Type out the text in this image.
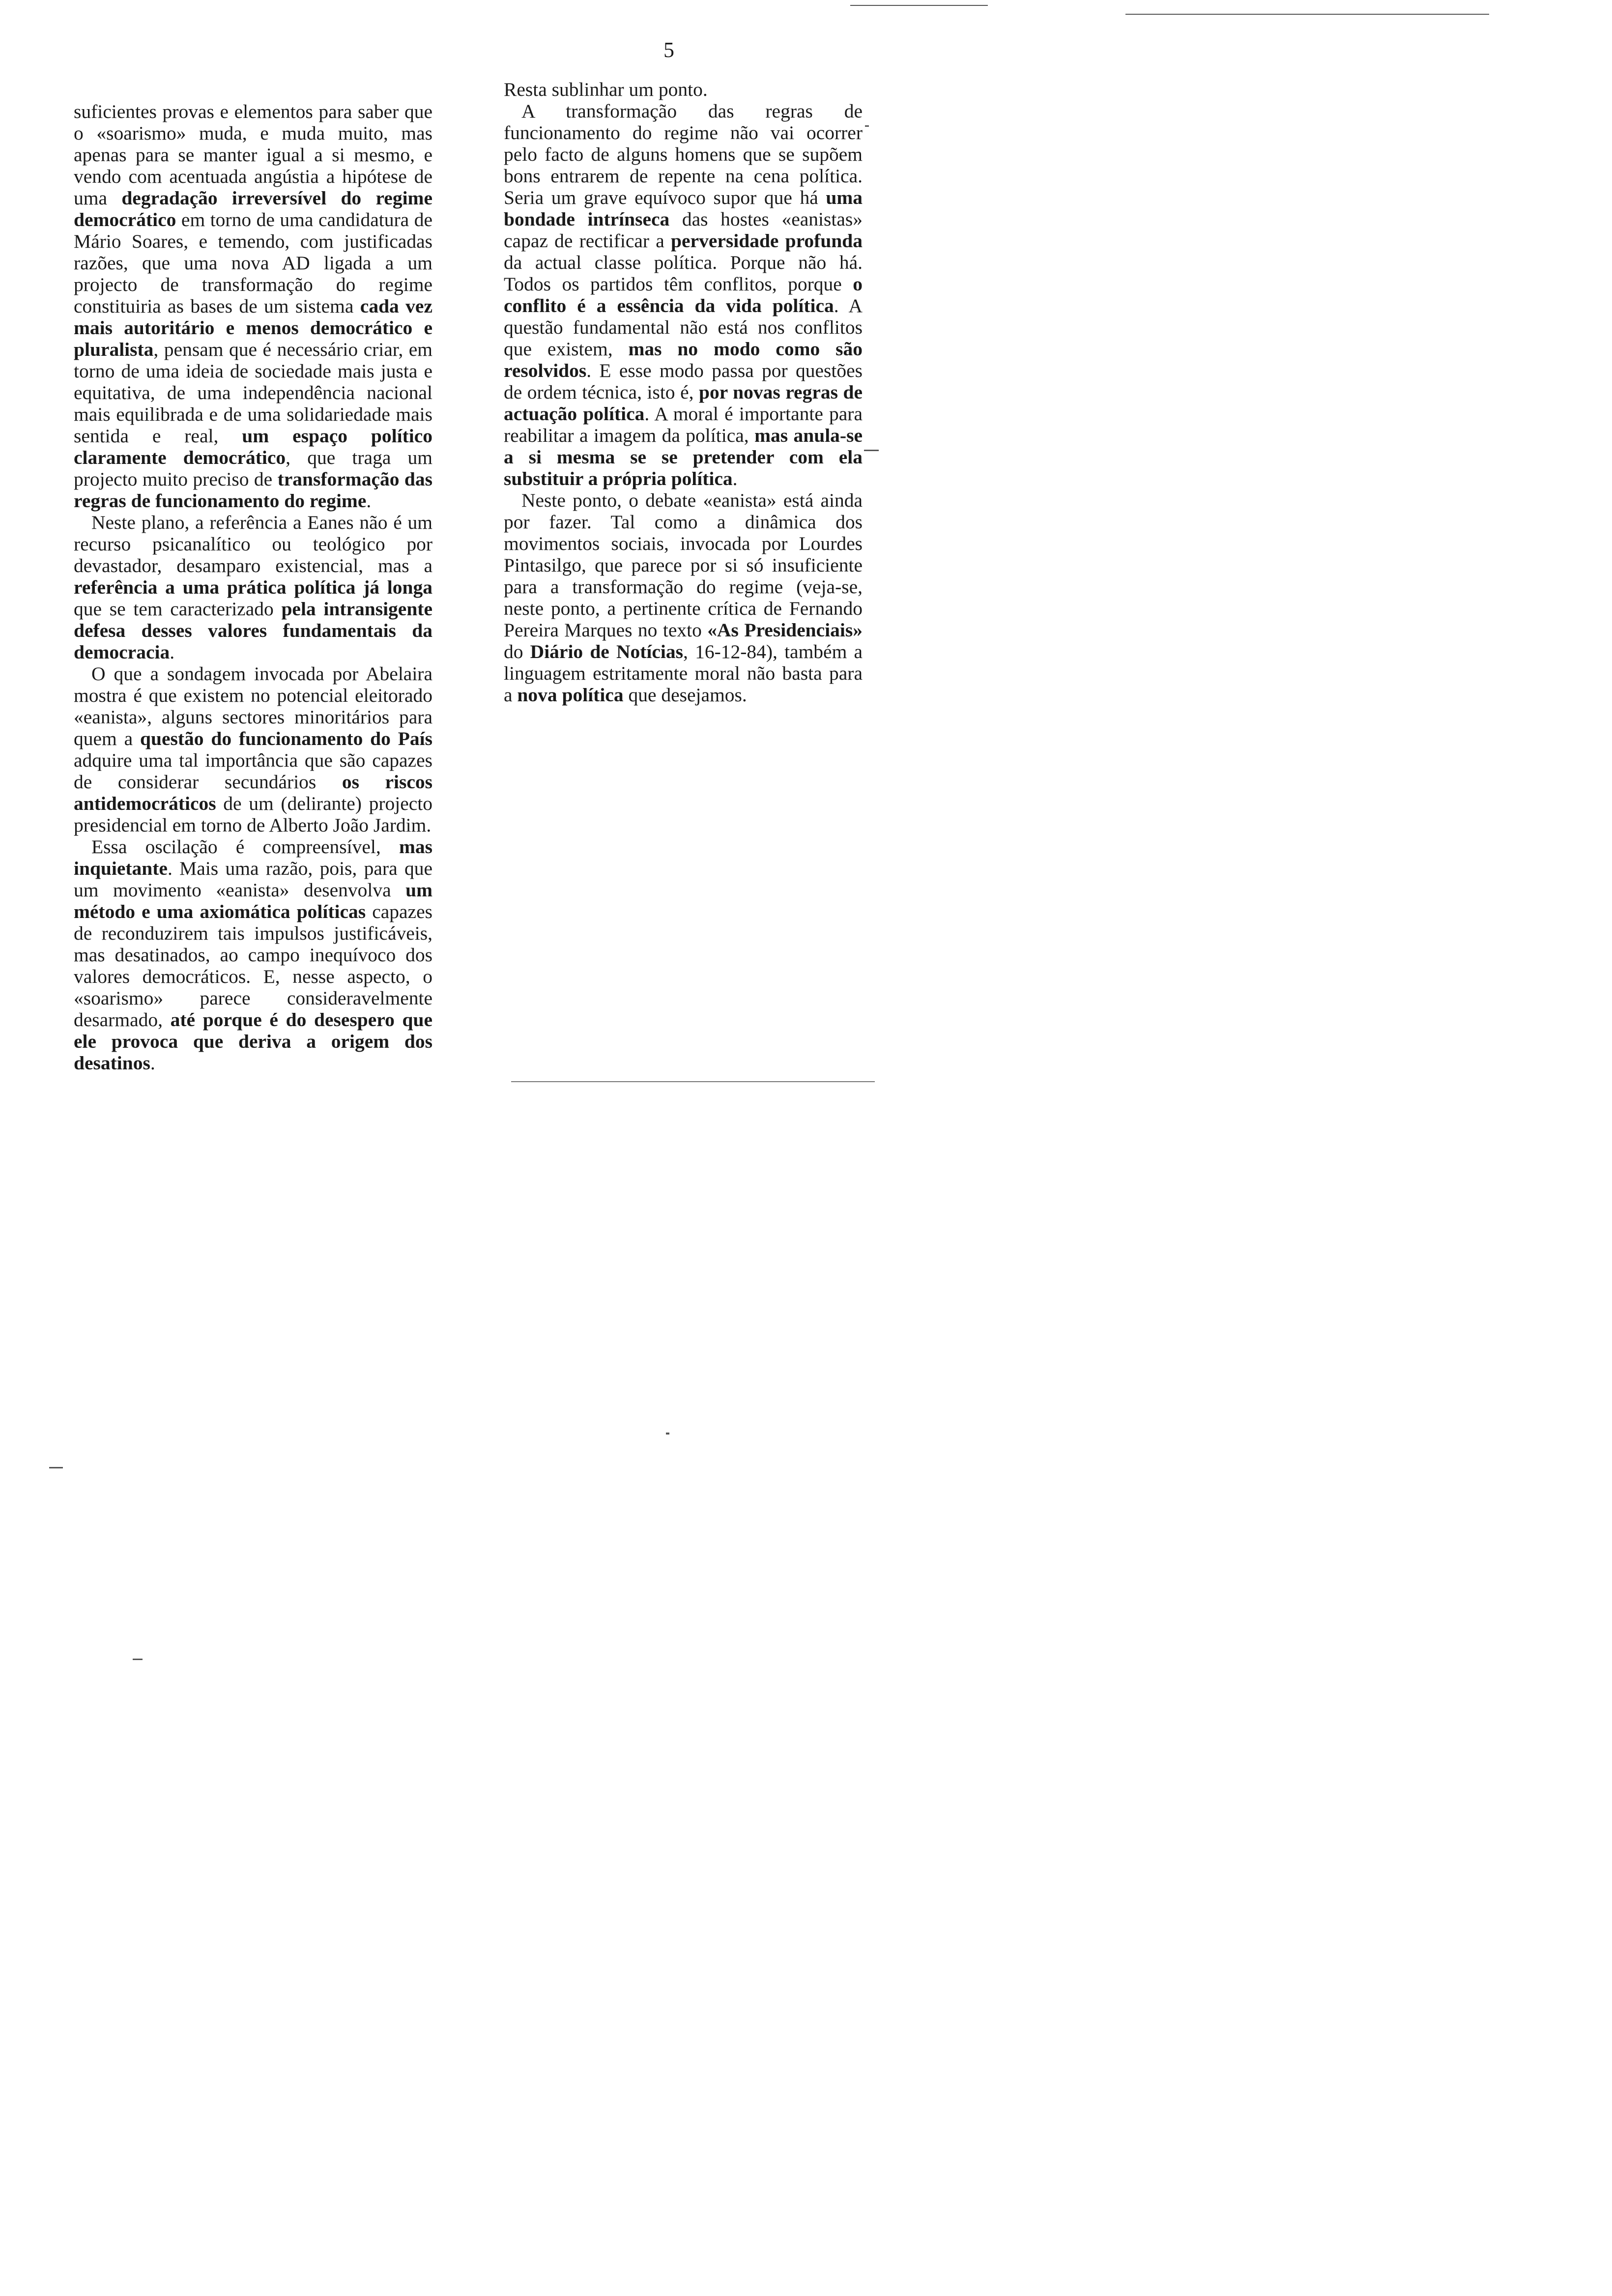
5

suficientes provas e elementos para saber que o «soarismo» muda, e muda muito, mas apenas para se manter igual a si mesmo, e vendo com acentuada angústia a hipótese de uma degradação irreversível do regime democrático em torno de uma candidatura de Mário Soares, e temendo, com justificadas razões, que uma nova AD ligada a um projecto de transformação do regime constituiria as bases de um sistema cada vez mais autoritário e menos democrático e pluralista, pensam que é necessário criar, em torno de uma ideia de sociedade mais justa e equitativa, de uma independência nacional mais equilibrada e de uma solidariedade mais sentida e real, um espaço político claramente democrático, que traga um projecto muito preciso de transformação das regras de funcionamento do regime.

Neste plano, a referência a Eanes não é um recurso psicanalítico ou teológico por devastador, desamparo existencial, mas a referência a uma prática política já longa que se tem caracterizado pela intransigente defesa desses valores fundamentais da democracia.

O que a sondagem invocada por Abelaira mostra é que existem no potencial eleitorado «eanista», alguns sectores minoritários para quem a questão do funcionamento do País adquire uma tal importância que são capazes de considerar secundários os riscos antidemocráticos de um (delirante) projecto presidencial em torno de Alberto João Jardim.

Essa oscilação é compreensível, mas inquietante. Mais uma razão, pois, para que um movimento «eanista» desenvolva um método e uma axiomática políticas capazes de reconduzirem tais impulsos justificáveis, mas desatinados, ao campo inequívoco dos valores democráticos. E, nesse aspecto, o «soarismo» parece consideravelmente desarmado, até porque é do desespero que ele provoca que deriva a origem dos desatinos.

Resta sublinhar um ponto.

A transformação das regras de funcionamento do regime não vai ocorrer pelo facto de alguns homens que se supõem bons entrarem de repente na cena política. Seria um grave equívoco supor que há uma bondade intrínseca das hostes «eanistas» capaz de rectificar a perversidade profunda da actual classe política. Porque não há. Todos os partidos têm conflitos, porque o conflito é a essência da vida política. A questão fundamental não está nos conflitos que existem, mas no modo como são resolvidos. E esse modo passa por questões de ordem técnica, isto é, por novas regras de actuação política. A moral é importante para reabilitar a imagem da política, mas anula-se a si mesma se se pretender com ela substituir a própria política.

Neste ponto, o debate «eanista» está ainda por fazer. Tal como a dinâmica dos movimentos sociais, invocada por Lourdes Pintasilgo, que parece por si só insuficiente para a transformação do regime (veja-se, neste ponto, a pertinente crítica de Fernando Pereira Marques no texto «As Presidenciais» do Diário de Notícias, 16-12-84), também a linguagem estritamente moral não basta para a nova política que desejamos.
